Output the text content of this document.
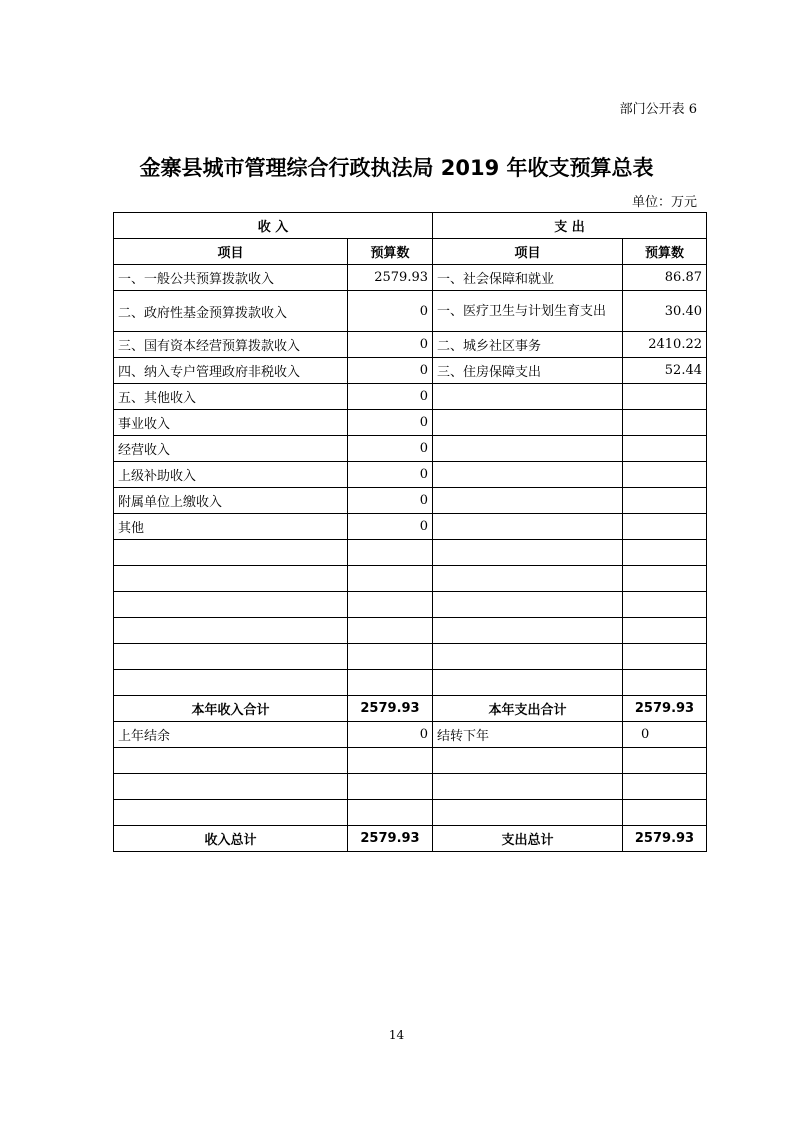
部门公开表 6
金寨县城市管理综合行政执法局 2019 年收支预算总表
单位：万元
收 入		支 出	
项目	预算数	项目	预算数
一、一般公共预算拨款收入	2579.93	一、社会保障和就业	86.87
二、政府性基金预算拨款收入	0	一、医疗卫生与计划生育支出	30.40
三、国有资本经营预算拨款收入	0	二、城乡社区事务	2410.22
四、纳入专户管理政府非税收入	0	三、住房保障支出	52.44
五、其他收入	0		
事业收入	0		
经营收入	0		
上级补助收入	0		
附属单位上缴收入	0		
其他	0		

本年收入合计	2579.93	本年支出合计	2579.93
上年结余	0	结转下年	0

收入总计	2579.93	支出总计	2579.93
14
